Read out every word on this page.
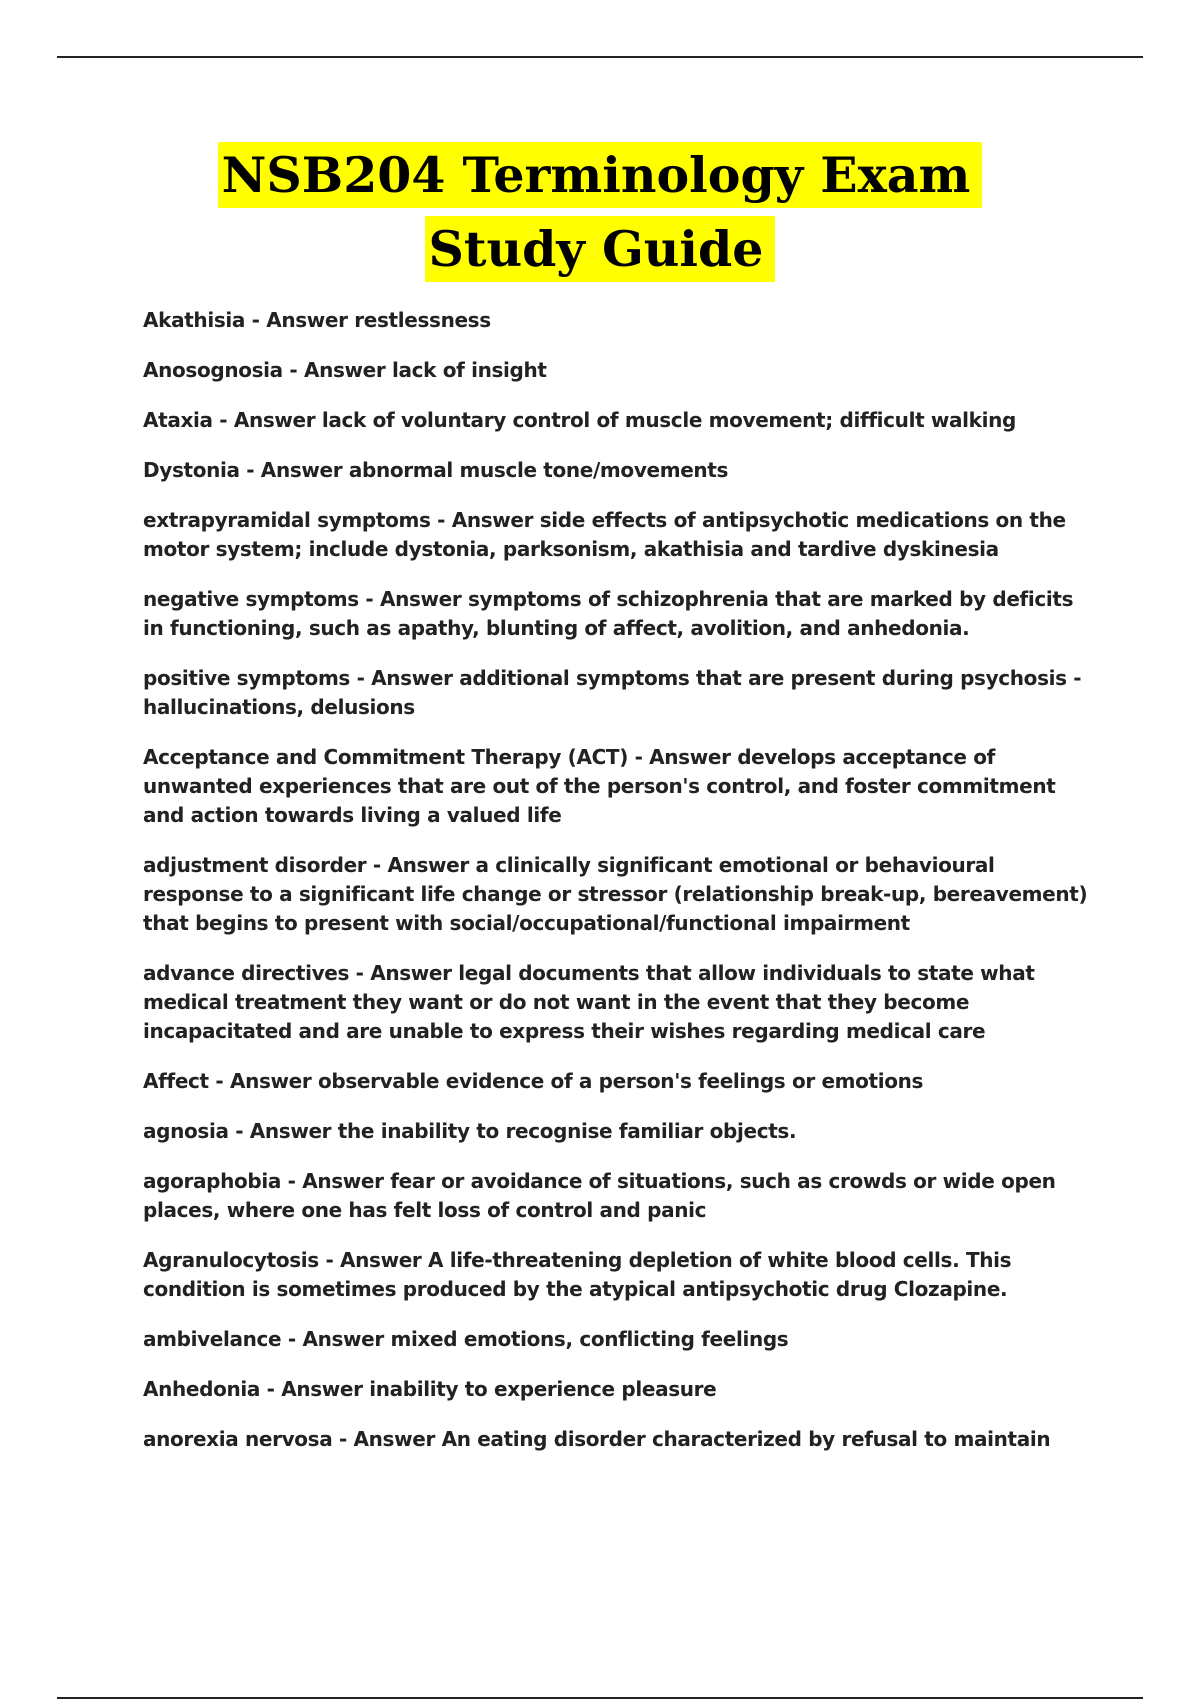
NSB204 Terminology Exam
Study Guide
Akathisia - Answer restlessness
Anosognosia - Answer lack of insight
Ataxia - Answer lack of voluntary control of muscle movement; difficult walking
Dystonia - Answer abnormal muscle tone/movements
extrapyramidal symptoms - Answer side effects of antipsychotic medications on the motor system; include dystonia, parksonism, akathisia and tardive dyskinesia
negative symptoms - Answer symptoms of schizophrenia that are marked by deficits in functioning, such as apathy, blunting of affect, avolition, and anhedonia.
positive symptoms - Answer additional symptoms that are present during psychosis - hallucinations, delusions
Acceptance and Commitment Therapy (ACT) - Answer develops acceptance of unwanted experiences that are out of the person's control, and foster commitment and action towards living a valued life
adjustment disorder - Answer a clinically significant emotional or behavioural response to a significant life change or stressor (relationship break-up, bereavement) that begins to present with social/occupational/functional impairment
advance directives - Answer legal documents that allow individuals to state what medical treatment they want or do not want in the event that they become incapacitated and are unable to express their wishes regarding medical care
Affect - Answer observable evidence of a person's feelings or emotions
agnosia - Answer the inability to recognise familiar objects.
agoraphobia - Answer fear or avoidance of situations, such as crowds or wide open places, where one has felt loss of control and panic
Agranulocytosis - Answer A life-threatening depletion of white blood cells. This condition is sometimes produced by the atypical antipsychotic drug Clozapine.
ambivelance - Answer mixed emotions, conflicting feelings
Anhedonia - Answer inability to experience pleasure
anorexia nervosa - Answer An eating disorder characterized by refusal to maintain
